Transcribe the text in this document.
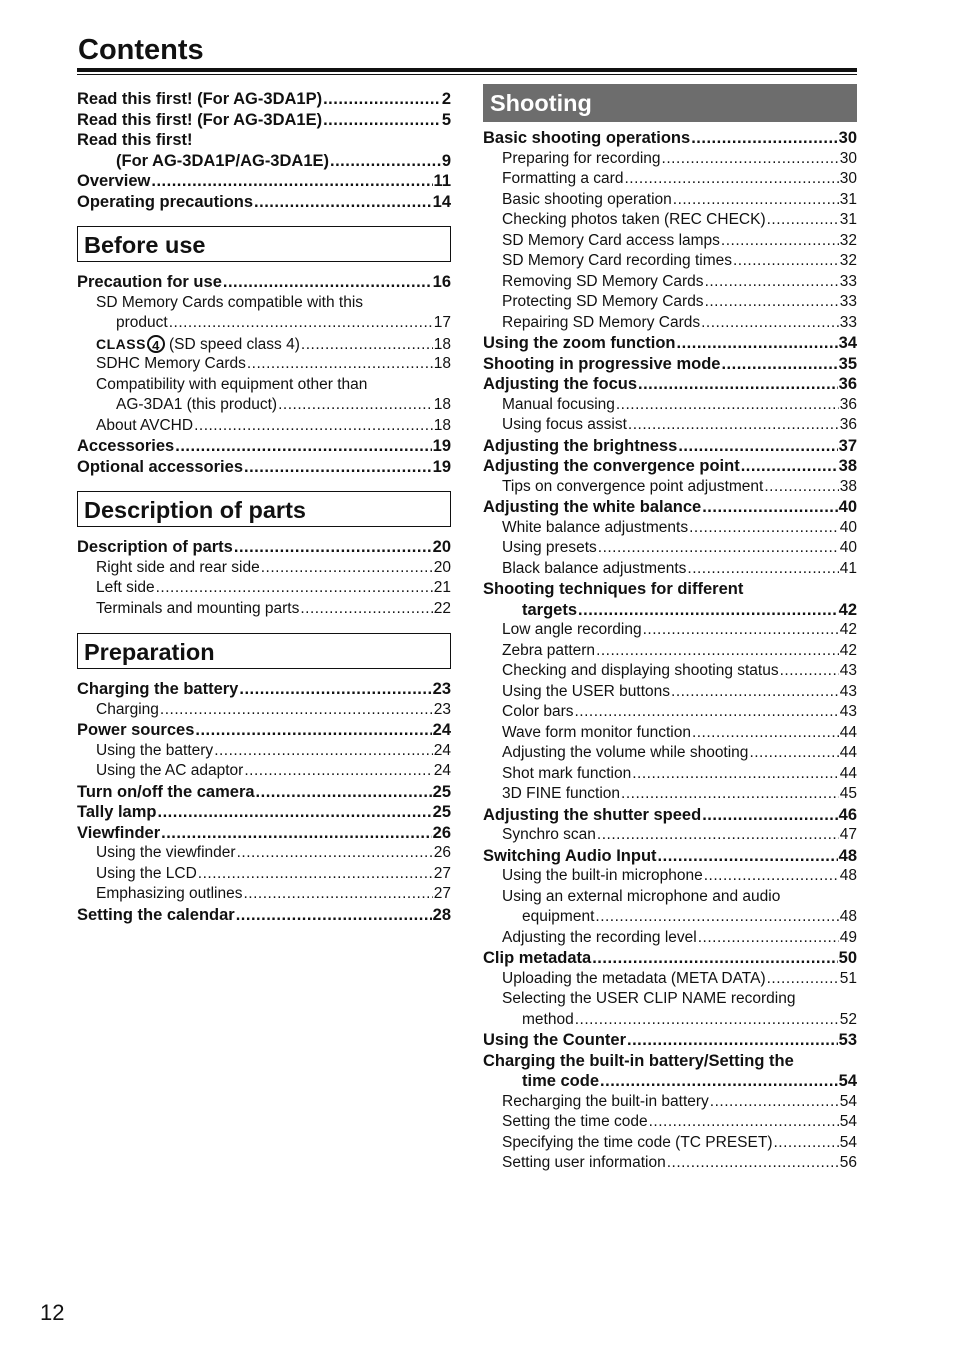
Contents
Read this first! (For AG-3DA1P) .....	2
Read this first! (For AG-3DA1E) .....	5
Read this first!
(For AG-3DA1P/AG-3DA1E) .....	9
Overview .....	11
Operating precautions .....	14
Before use
Precaution for use .....	16
SD Memory Cards compatible with this
product .....	17
CLASS 4 (SD speed class 4) .....	18
SDHC Memory Cards .....	18
Compatibility with equipment other than
AG-3DA1 (this product) .....	18
About AVCHD .....	18
Accessories .....	19
Optional accessories .....	19
Description of parts
Description of parts .....	20
Right side and rear side .....	20
Left side .....	21
Terminals and mounting parts .....	22
Preparation
Charging the battery .....	23
Charging .....	23
Power sources .....	24
Using the battery .....	24
Using the AC adaptor .....	24
Turn on/off the camera .....	25
Tally lamp .....	25
Viewfinder .....	26
Using the viewfinder .....	26
Using the LCD .....	27
Emphasizing outlines .....	27
Setting the calendar .....	28
Shooting
Basic shooting operations .....	30
Preparing for recording .....	30
Formatting a card .....	30
Basic shooting operation .....	31
Checking photos taken (REC CHECK) .....	31
SD Memory Card access lamps .....	32
SD Memory Card recording times .....	32
Removing SD Memory Cards .....	33
Protecting SD Memory Cards .....	33
Repairing SD Memory Cards .....	33
Using the zoom function .....	34
Shooting in progressive mode .....	35
Adjusting the focus .....	36
Manual focusing .....	36
Using focus assist .....	36
Adjusting the brightness .....	37
Adjusting the convergence point .....	38
Tips on convergence point adjustment .....	38
Adjusting the white balance .....	40
White balance adjustments .....	40
Using presets .....	40
Black balance adjustments .....	41
Shooting techniques for different
targets .....	42
Low angle recording .....	42
Zebra pattern .....	42
Checking and displaying shooting status .....	43
Using the USER buttons .....	43
Color bars .....	43
Wave form monitor function .....	44
Adjusting the volume while shooting .....	44
Shot mark function .....	44
3D FINE function .....	45
Adjusting the shutter speed .....	46
Synchro scan .....	47
Switching Audio Input .....	48
Using the built-in microphone .....	48
Using an external microphone and audio
equipment .....	48
Adjusting the recording level .....	49
Clip metadata .....	50
Uploading the metadata (META DATA) .....	51
Selecting the USER CLIP NAME recording
method .....	52
Using the Counter .....	53
Charging the built-in battery/Setting the
time code .....	54
Recharging the built-in battery .....	54
Setting the time code .....	54
Specifying the time code (TC PRESET) .....	54
Setting user information .....	56
12
